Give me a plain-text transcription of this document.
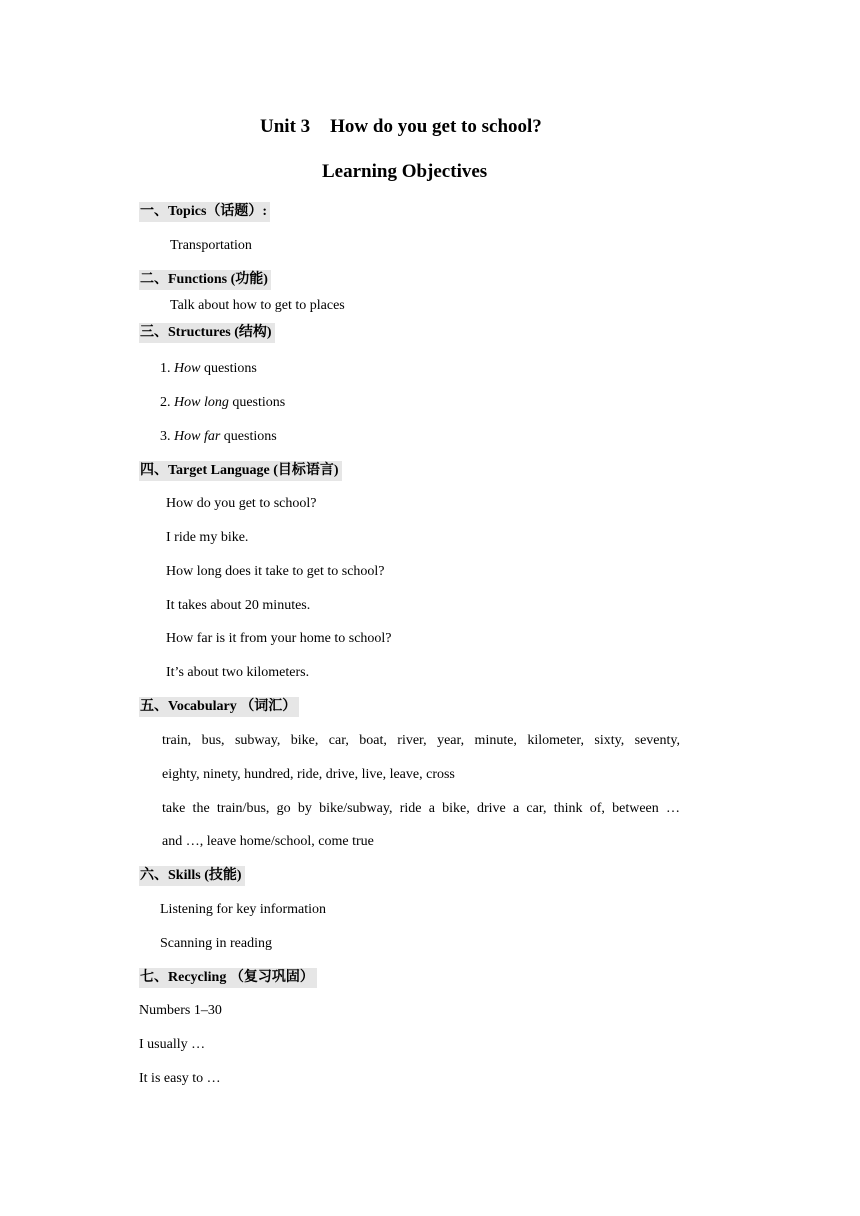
Unit 3 How do you get to school?
Learning Objectives
一、Topics（话题）:
Transportation
二、Functions (功能)
Talk about how to get to places
三、Structures (结构)
1. How questions
2. How long questions
3. How far questions
四、Target Language (目标语言)
How do you get to school?
I ride my bike.
How long does it take to get to school?
It takes about 20 minutes.
How far is it from your home to school?
It’s about two kilometers.
五、Vocabulary （词汇）
train, bus, subway, bike, car, boat, river, year, minute, kilometer, sixty, seventy,
eighty, ninety, hundred, ride, drive, live, leave, cross
take the train/bus, go by bike/subway, ride a bike, drive a car, think of, between …
and …, leave home/school, come true
六、Skills (技能)
Listening for key information
Scanning in reading
七、Recycling （复习巩固）
Numbers 1–30
I usually …
It is easy to …
